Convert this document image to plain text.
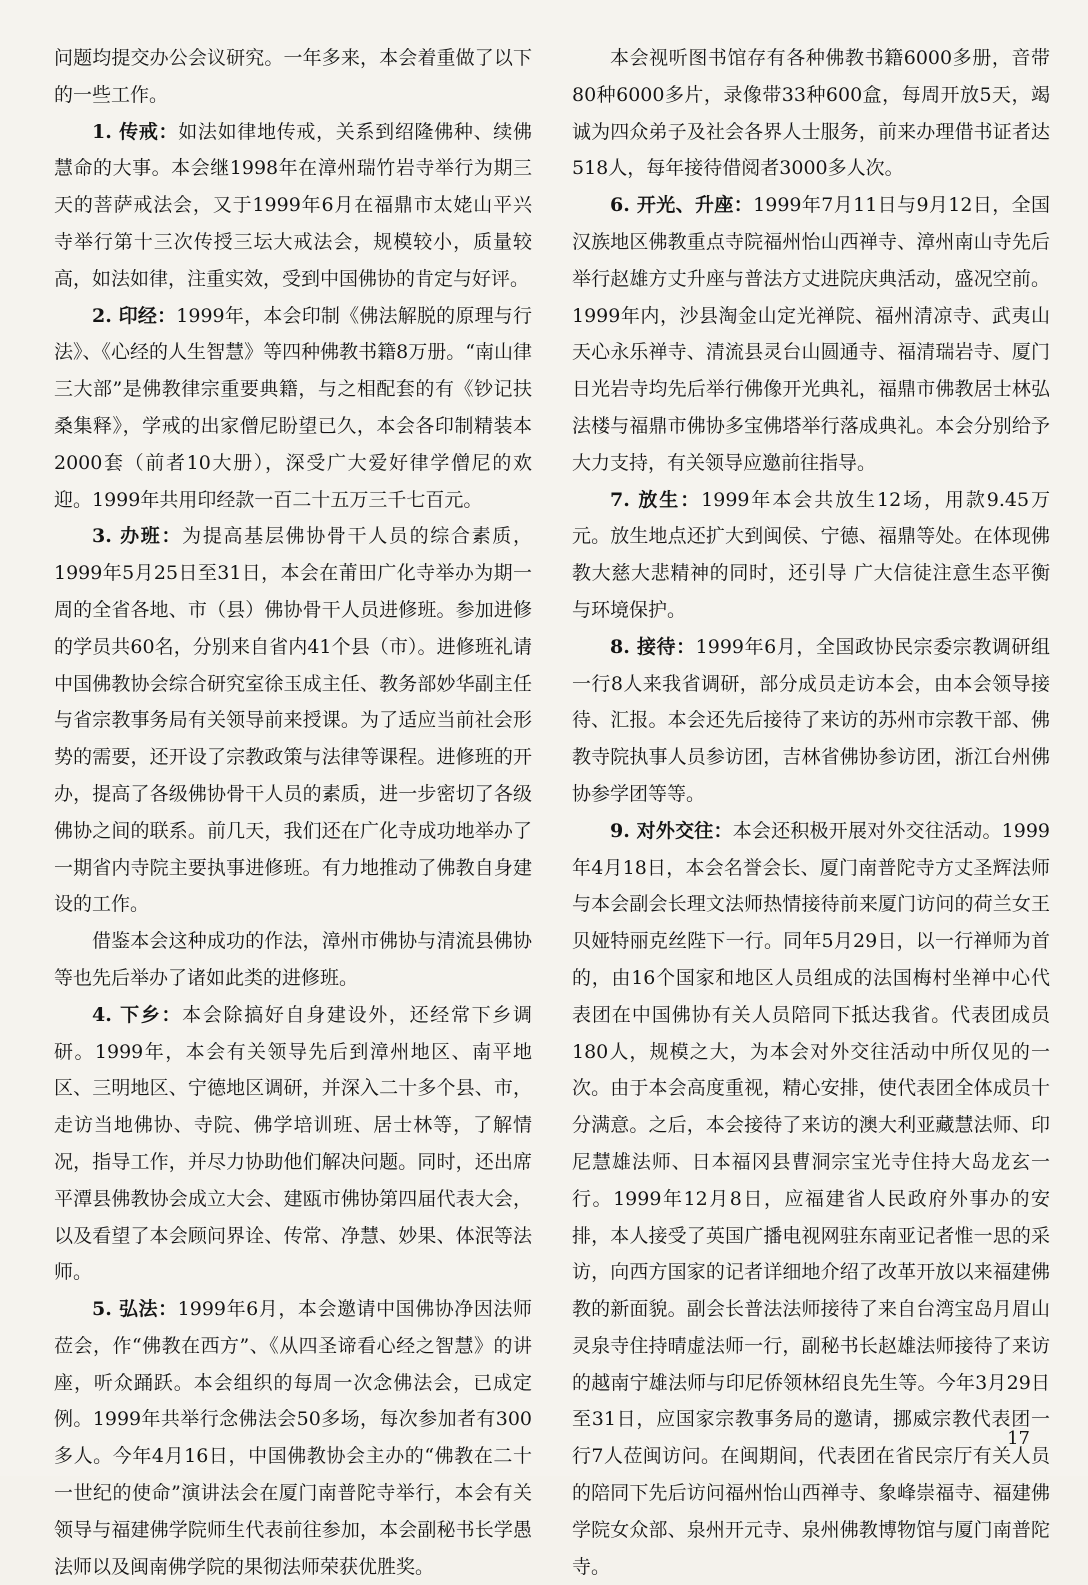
问题均提交办公会议研究。一年多来，本会着重做了以下的一些工作。

1. 传戒：如法如律地传戒，关系到绍隆佛种、续佛慧命的大事。本会继1998年在漳州瑞竹岩寺举行为期三天的菩萨戒法会，又于1999年6月在福鼎市太姥山平兴寺举行第十三次传授三坛大戒法会，规模较小，质量较高，如法如律，注重实效，受到中国佛协的肯定与好评。

2. 印经：1999年，本会印制《佛法解脱的原理与行法》、《心经的人生智慧》等四种佛教书籍8万册。“南山律三大部”是佛教律宗重要典籍，与之相配套的有《钞记扶桑集释》，学戒的出家僧尼盼望已久，本会各印制精装本2000套（前者10大册），深受广大爱好律学僧尼的欢迎。1999年共用印经款一百二十五万三千七百元。

3. 办班：为提高基层佛协骨干人员的综合素质，1999年5月25日至31日，本会在莆田广化寺举办为期一周的全省各地、市（县）佛协骨干人员进修班。参加进修的学员共60名，分别来自省内41个县（市）。进修班礼请中国佛教协会综合研究室徐玉成主任、教务部妙华副主任与省宗教事务局有关领导前来授课。为了适应当前社会形势的需要，还开设了宗教政策与法律等课程。进修班的开办，提高了各级佛协骨干人员的素质，进一步密切了各级佛协之间的联系。前几天，我们还在广化寺成功地举办了一期省内寺院主要执事进修班。有力地推动了佛教自身建设的工作。

借鉴本会这种成功的作法，漳州市佛协与清流县佛协等也先后举办了诸如此类的进修班。

4. 下乡：本会除搞好自身建设外，还经常下乡调研。1999年，本会有关领导先后到漳州地区、南平地区、三明地区、宁德地区调研，并深入二十多个县、市，走访当地佛协、寺院、佛学培训班、居士林等，了解情况，指导工作，并尽力协助他们解决问题。同时，还出席平潭县佛教协会成立大会、建瓯市佛协第四届代表大会，以及看望了本会顾问界诠、传常、净慧、妙果、体泯等法师。

5. 弘法：1999年6月，本会邀请中国佛协净因法师莅会，作“佛教在西方”、《从四圣谛看心经之智慧》的讲座，听众踊跃。本会组织的每周一次念佛法会，已成定例。1999年共举行念佛法会50多场，每次参加者有300多人。今年4月16日，中国佛教协会主办的“佛教在二十一世纪的使命”演讲法会在厦门南普陀寺举行，本会有关领导与福建佛学院师生代表前往参加，本会副秘书长学愚法师以及闽南佛学院的果彻法师荣获优胜奖。

本会视听图书馆存有各种佛教书籍6000多册，音带80种6000多片，录像带33种600盒，每周开放5天，竭诚为四众弟子及社会各界人士服务，前来办理借书证者达518人，每年接待借阅者3000多人次。

6. 开光、升座：1999年7月11日与9月12日，全国汉族地区佛教重点寺院福州怡山西禅寺、漳州南山寺先后举行赵雄方丈升座与普法方丈进院庆典活动，盛况空前。1999年内，沙县淘金山定光禅院、福州清凉寺、武夷山天心永乐禅寺、清流县灵台山圆通寺、福清瑞岩寺、厦门日光岩寺均先后举行佛像开光典礼，福鼎市佛教居士林弘法楼与福鼎市佛协多宝佛塔举行落成典礼。本会分别给予大力支持，有关领导应邀前往指导。

7. 放生：1999年本会共放生12场，用款9.45万元。放生地点还扩大到闽侯、宁德、福鼎等处。在体现佛教大慈大悲精神的同时，还引导 广大信徒注意生态平衡与环境保护。

8. 接待：1999年6月，全国政协民宗委宗教调研组一行8人来我省调研，部分成员走访本会，由本会领导接待、汇报。本会还先后接待了来访的苏州市宗教干部、佛教寺院执事人员参访团，吉林省佛协参访团，浙江台州佛协参学团等等。

9. 对外交往：本会还积极开展对外交往活动。1999年4月18日，本会名誉会长、厦门南普陀寺方丈圣辉法师与本会副会长理文法师热情接待前来厦门访问的荷兰女王贝娅特丽克丝陛下一行。同年5月29日，以一行禅师为首的，由16个国家和地区人员组成的法国梅村坐禅中心代表团在中国佛协有关人员陪同下抵达我省。代表团成员180人，规模之大，为本会对外交往活动中所仅见的一次。由于本会高度重视，精心安排，使代表团全体成员十分满意。之后，本会接待了来访的澳大利亚藏慧法师、印尼慧雄法师、日本福冈县曹洞宗宝光寺住持大岛龙玄一行。1999年12月8日，应福建省人民政府外事办的安排，本人接受了英国广播电视网驻东南亚记者惟一思的采访，向西方国家的记者详细地介绍了改革开放以来福建佛教的新面貌。副会长普法法师接待了来自台湾宝岛月眉山灵泉寺住持晴虚法师一行，副秘书长赵雄法师接待了来访的越南宁雄法师与印尼侨领林绍良先生等。今年3月29日至31日，应国家宗教事务局的邀请，挪威宗教代表团一行7人莅闽访问。在闽期间，代表团在省民宗厅有关人员的陪同下先后访问福州怡山西禅寺、象峰崇福寺、福建佛学院女众部、泉州开元寺、泉州佛教博物馆与厦门南普陀寺。

17
